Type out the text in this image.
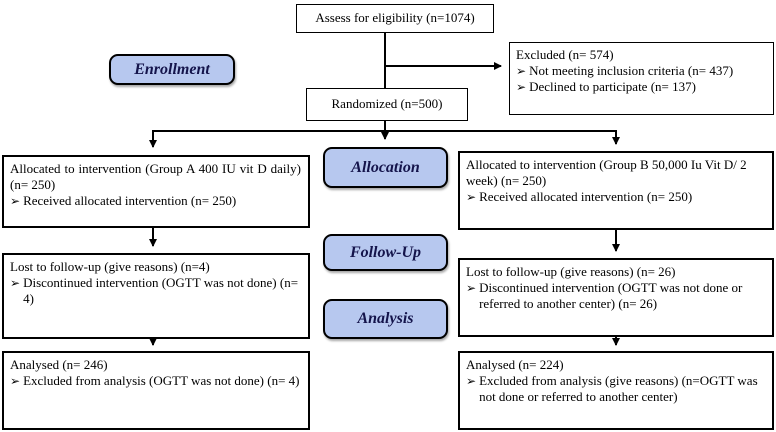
Assess for eligibility (n=1074)
Enrollment

Excluded (n= 574)

➢ Not meeting inclusion criteria (n= 437)
➢ Declined to participate (n= 137)
Randomized (n=500)

Allocated to intervention (Group A 400 IU vit D daily) (n= 250)

➢ Received allocated intervention (n= 250)
Allocation	Allocated to intervention (Group B 50,000 Iu Vit D/ 2 week) (n= 250)

➢ Received allocated intervention (n= 250)
Follow-Up

Lost to follow-up (give reasons) (n=4)

➢ Discontinued intervention (OGTT was not done) (n= 4)

Lost to follow-up (give reasons) (n= 26)

➢ Discontinued intervention (OGTT was not done or referred to another center) (n= 26)
Analysis

Analysed (n= 246)

➢ Excluded from analysis (OGTT was not done) (n= 4)

Analysed (n= 224)

➢ Excluded from analysis (give reasons) (n=OGTT was not done or referred to another center)
